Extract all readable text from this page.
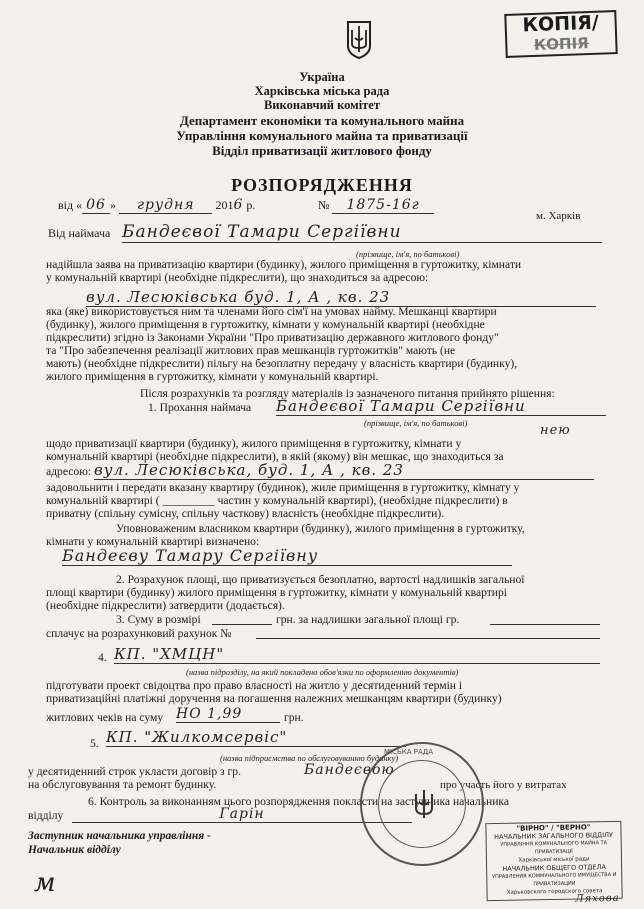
КОПІЯ/
КОПІЯ
Україна
Харківська міська рада
Виконавчий комітет
Департамент економіки та комунального майна
Управління комунального майна та приватизації
Відділ приватизації житлового фонду
РОЗПОРЯДЖЕННЯ
від « 06 » грудня 2016 р.	№ 1875-16г
м. Харків
Від наймача Бандеєвої Тамари Сергіївни
(прізвище, ім'я, по батькові)
надійшла заява на приватизацію квартири (будинку), жилого приміщення в гуртожитку, кімнати
у комунальній квартирі (необхідне підкреслити), що знаходиться за адресою:
вул. Лесюківська буд. 1, А , кв. 23
яка (яке) використовується ним та членами його сім'ї на умовах найму. Мешканці квартири
(будинку), жилого приміщення в гуртожитку, кімнати у комунальній квартирі (необхідне
підкреслити) згідно із Законами України "Про приватизацію державного житлового фонду"
та "Про забезпечення реалізації житлових прав мешканців гуртожитків" мають (не
мають) (необхідне підкреслити) пільгу на безоплатну передачу у власність квартири (будинку),
жилого приміщення в гуртожитку, кімнати у комунальній квартирі.
Після розрахунків та розгляду матеріалів із зазначеного питання прийнято рішення:
1. Прохання наймача Бандеєвої Тамари Сергіївни
(прізвище, ім'я, по батькові)	нею
щодо приватизації квартири (будинку), жилого приміщення в гуртожитку, кімнати у
комунальній квартирі (необхідне підкреслити), в якій (якому) він мешкає, що знаходиться за
адресою: вул. Лесюківська, буд. 1, А , кв. 23
задовольнити і передати вказану квартиру (будинок), жиле приміщення в гуртожитку, кімнату у
комунальній квартирі ( _________ частин у комунальній квартирі), (необхідне підкреслити) в
приватну (спільну сумісну, спільну часткову) власність (необхідне підкреслити).
Уповноваженим власником квартири (будинку), жилого приміщення в гуртожитку,
кімнати у комунальній квартирі визначено:
Бандеєву Тамару Сергіївну
2. Розрахунок площі, що приватизується безоплатно, вартості надлишків загальної
площі квартири (будинку) жилого приміщення в гуртожитку, кімнати у комунальній квартирі
(необхідне підкреслити) затвердити (додається).
3. Суму в розмірі	грн. за надлишки загальної площі гр.
сплачує на розрахунковий рахунок №
4. КП. "ХМЦН"
(назва підрозділу, на який покладено обов'язки по оформленню документів)
підготувати проект свідоцтва про право власності на житло у десятиденний термін і
приватизаційні платіжні доручення на погашення належних мешканцям квартири (будинку)
житлових чеків на суму НО 1,99	грн.
5. КП. "Жилкомсервіс"
(назва підприємства по обслуговуванню будинку)
у десятиденний строк укласти договір з гр.	Бандеєвою
про участь його у витратах
на обслуговування та ремонт будинку.
6. Контроль за виконанням цього розпорядження покласти на заступника начальника
відділу	Гарін
Заступник начальника управління -
Начальник відділу
м
МІСЬКА РАДА
"ВІРНО" / "ВЕРНО"
НАЧАЛЬНИК ЗАГАЛЬНОГО ВІДДІЛУ
УПРАВЛІННЯ КОМУНАЛЬНОГО МАЙНА ТА ПРИВАТИЗАЦІЇ
Харківської міської ради
НАЧАЛЬНИК ОБЩЕГО ОТДЕЛА
УПРАВЛЕНИЯ КОММУНАЛЬНОГО ИМУЩЕСТВА И ПРИВАТИЗАЦИИ
Харьковского городского совета
Ляхова
